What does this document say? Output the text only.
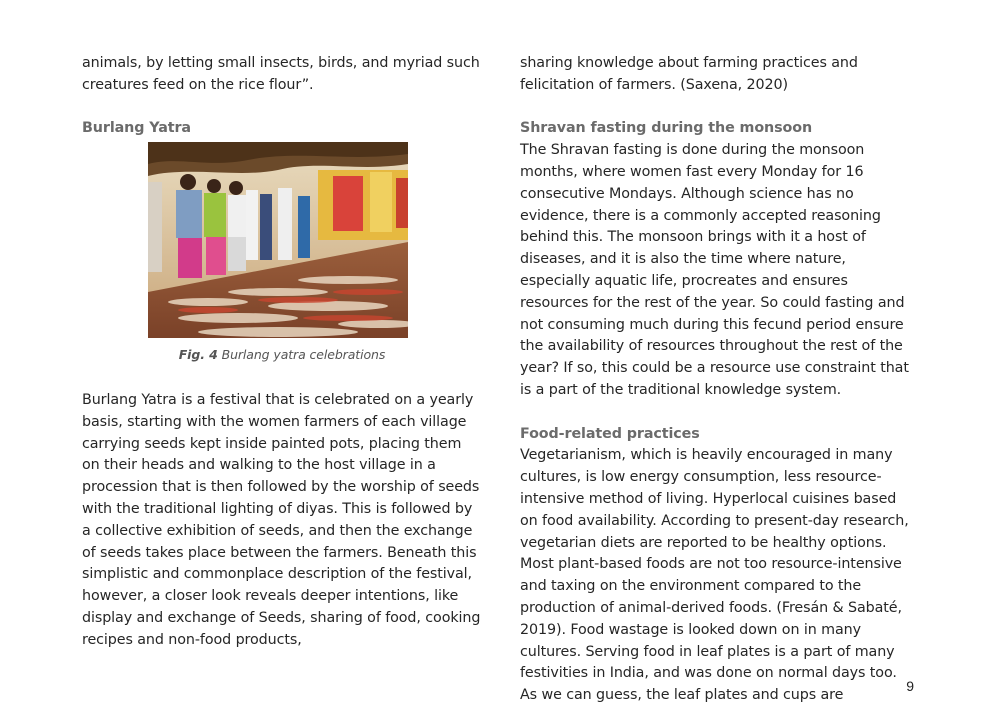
animals, by letting small insects, birds, and myriad such creatures feed on the rice flour”.

Burlang Yatra

Fig. 4 Burlang yatra celebrations

Burlang Yatra is a festival that is celebrated on a yearly basis, starting with the women farmers of each village carrying seeds kept inside painted pots, placing them on their heads and walking to the host village in a procession that is then followed by the worship of seeds with the traditional lighting of diyas. This is followed by a collective exhibition of seeds, and then the exchange of seeds takes place between the farmers. Beneath this simplistic and commonplace description of the festival, however, a closer look reveals deeper intentions, like display and exchange of Seeds, sharing of food, cooking recipes and non-food products,

sharing knowledge about farming practices and felicitation of farmers. (Saxena, 2020)

Shravan fasting during the monsoon

The Shravan fasting is done during the monsoon months, where women fast every Monday for 16 consecutive Mondays. Although science has no evidence, there is a commonly accepted reasoning behind this. The monsoon brings with it a host of diseases, and it is also the time where nature, especially aquatic life, procreates and ensures resources for the rest of the year. So could fasting and not consuming much during this fecund period ensure the availability of resources throughout the rest of the year? If so, this could be a resource use constraint that is a part of the traditional knowledge system.

Food-related practices

Vegetarianism, which is heavily encouraged in many cultures, is low energy consumption, less resource-intensive method of living. Hyperlocal cuisines based on food availability. According to present-day research, vegetarian diets are reported to be healthy options. Most plant-based foods are not too resource-intensive and taxing on the environment compared to the production of animal-derived foods. (Fresán & Sabaté, 2019). Food wastage is looked down on in many cultures. Serving food in leaf plates is a part of many festivities in India, and was done on normal days too. As we can guess, the leaf plates and cups are

9
